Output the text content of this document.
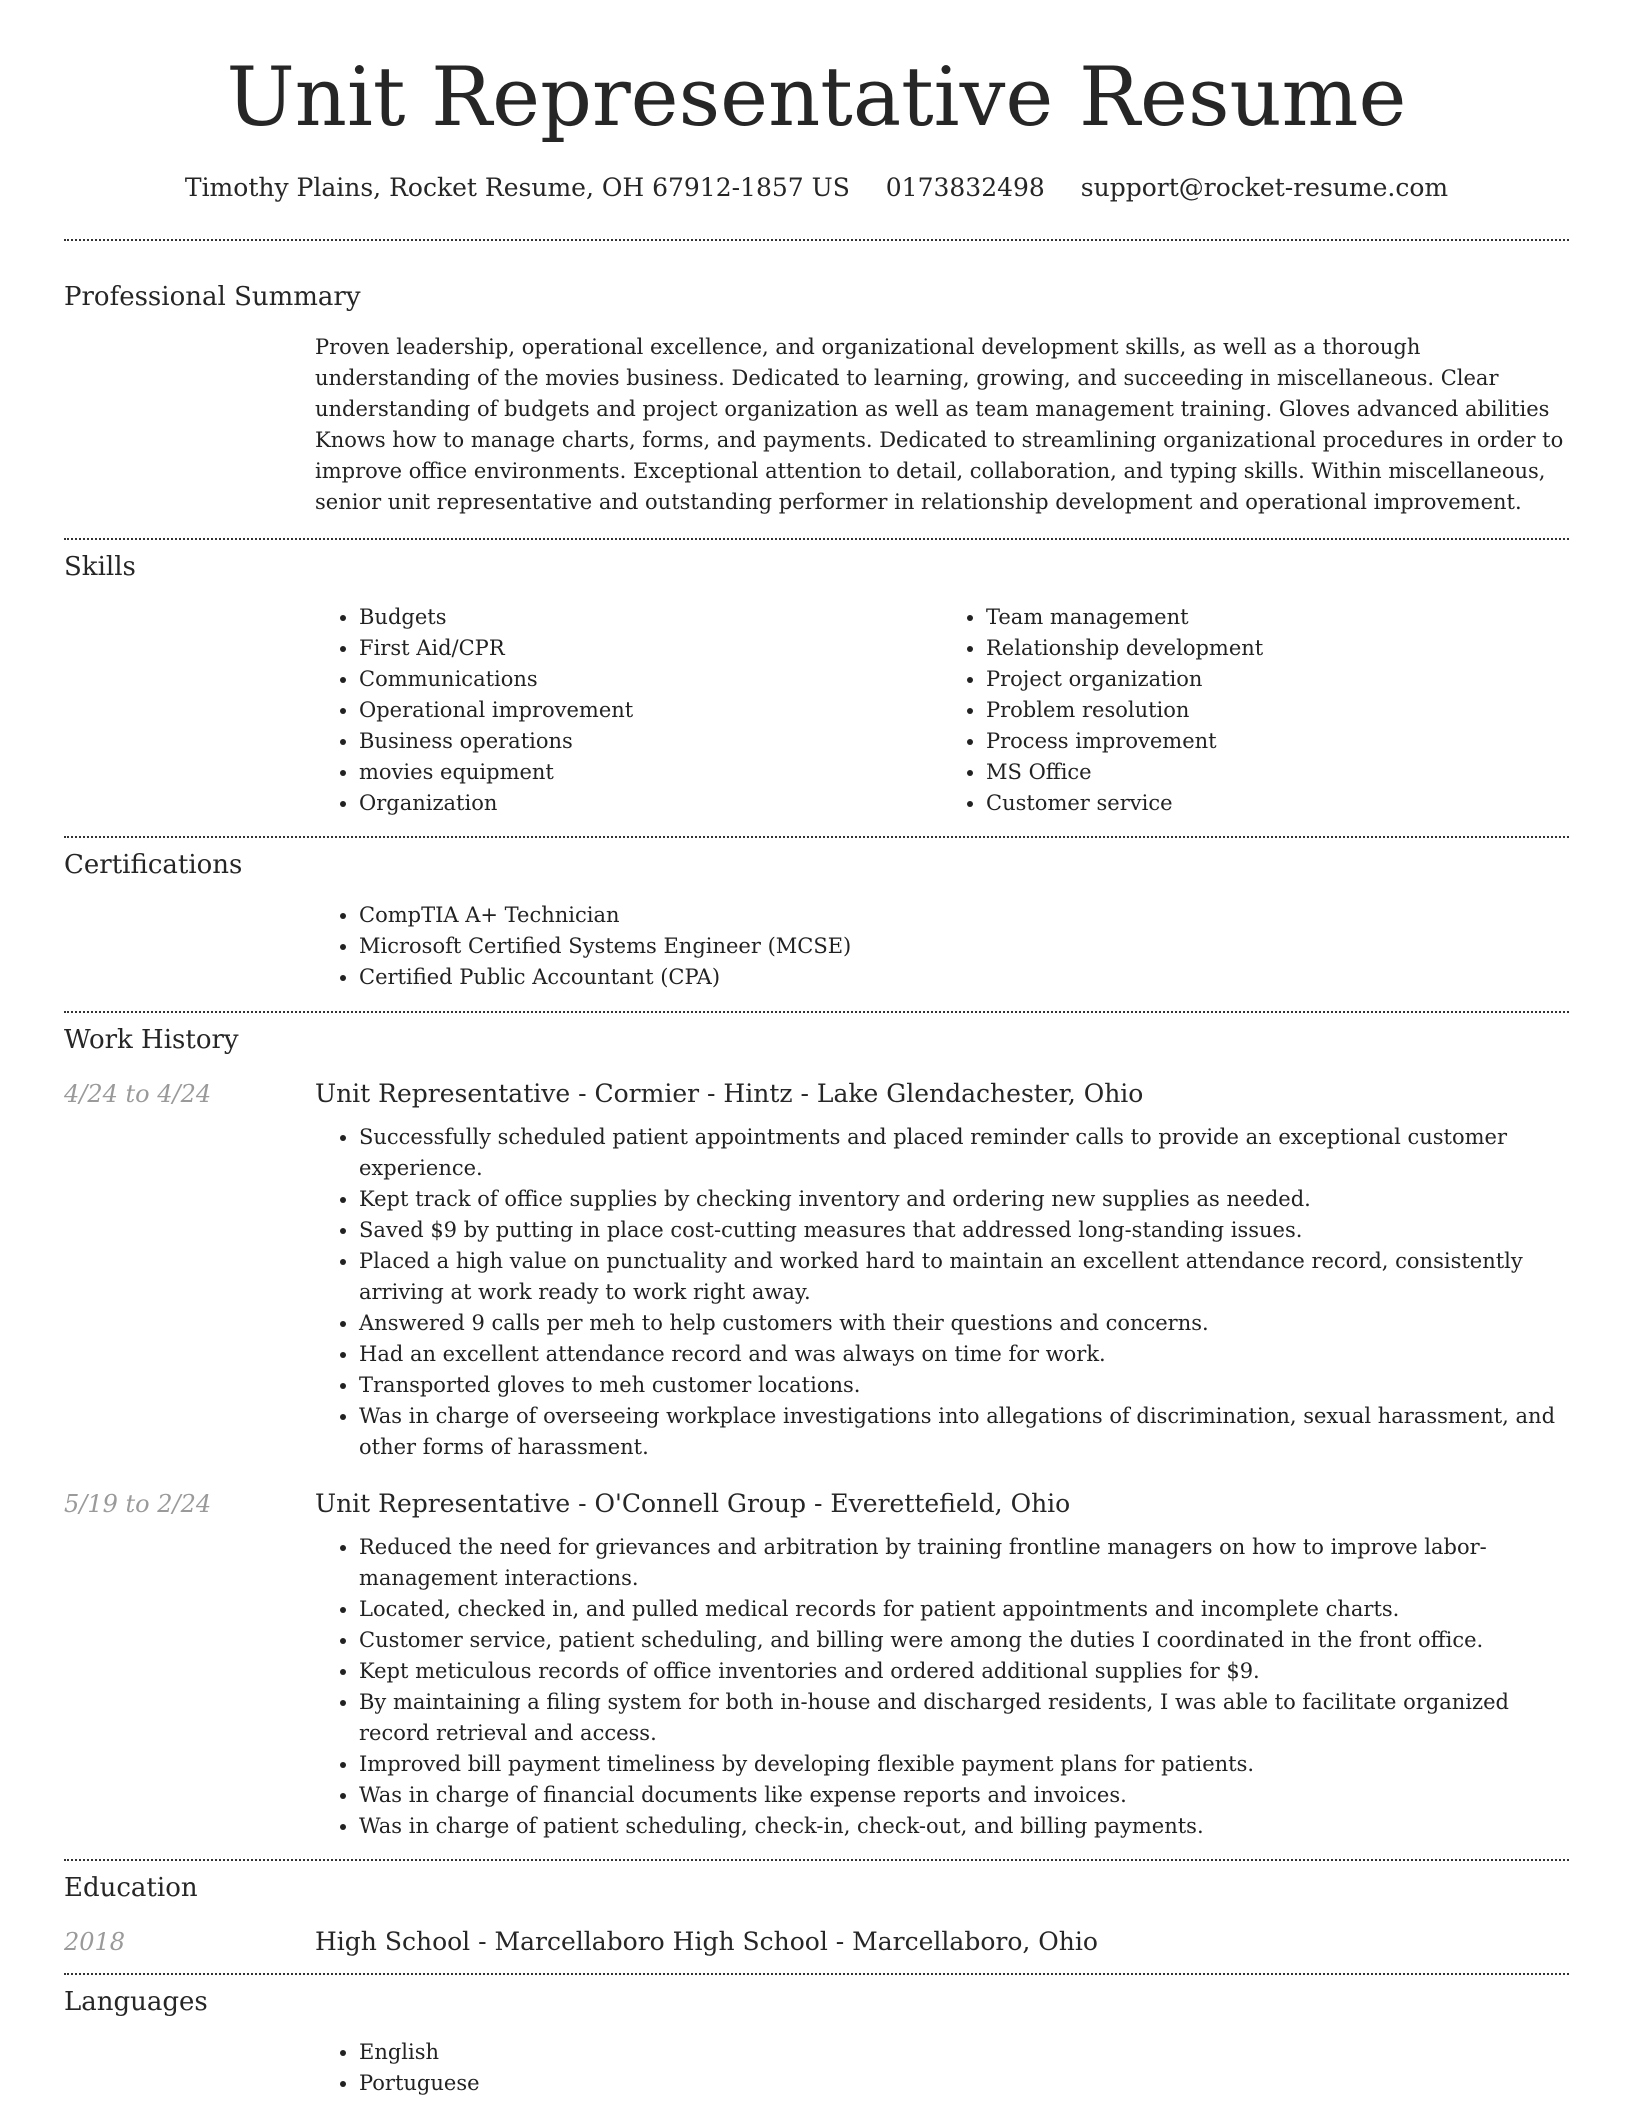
Unit Representative Resume
Timothy Plains, Rocket Resume, OH 67912-1857 US 0173832498 support@rocket-resume.com
Professional Summary
Proven leadership, operational excellence, and organizational development skills, as well as a thorough understanding of the movies business. Dedicated to learning, growing, and succeeding in miscellaneous. Clear understanding of budgets and project organization as well as team management training. Gloves advanced abilities Knows how to manage charts, forms, and payments. Dedicated to streamlining organizational procedures in order to improve office environments. Exceptional attention to detail, collaboration, and typing skills. Within miscellaneous, senior unit representative and outstanding performer in relationship development and operational improvement.
Skills
• Budgets
• First Aid/CPR
• Communications
• Operational improvement
• Business operations
• movies equipment
• Organization
• Team management
• Relationship development
• Project organization
• Problem resolution
• Process improvement
• MS Office
• Customer service
Certifications
• CompTIA A+ Technician
• Microsoft Certified Systems Engineer (MCSE)
• Certified Public Accountant (CPA)
Work History
4/24 to 4/24	Unit Representative - Cormier - Hintz - Lake Glendachester, Ohio
• Successfully scheduled patient appointments and placed reminder calls to provide an exceptional customer experience.
• Kept track of office supplies by checking inventory and ordering new supplies as needed.
• Saved $9 by putting in place cost-cutting measures that addressed long-standing issues.
• Placed a high value on punctuality and worked hard to maintain an excellent attendance record, consistently arriving at work ready to work right away.
• Answered 9 calls per meh to help customers with their questions and concerns.
• Had an excellent attendance record and was always on time for work.
• Transported gloves to meh customer locations.
• Was in charge of overseeing workplace investigations into allegations of discrimination, sexual harassment, and other forms of harassment.
5/19 to 2/24	Unit Representative - O'Connell Group - Everettefield, Ohio
• Reduced the need for grievances and arbitration by training frontline managers on how to improve labor-management interactions.
• Located, checked in, and pulled medical records for patient appointments and incomplete charts.
• Customer service, patient scheduling, and billing were among the duties I coordinated in the front office.
• Kept meticulous records of office inventories and ordered additional supplies for $9.
• By maintaining a filing system for both in-house and discharged residents, I was able to facilitate organized record retrieval and access.
• Improved bill payment timeliness by developing flexible payment plans for patients.
• Was in charge of financial documents like expense reports and invoices.
• Was in charge of patient scheduling, check-in, check-out, and billing payments.
Education
2018	High School - Marcellaboro High School - Marcellaboro, Ohio
Languages
• English
• Portuguese
